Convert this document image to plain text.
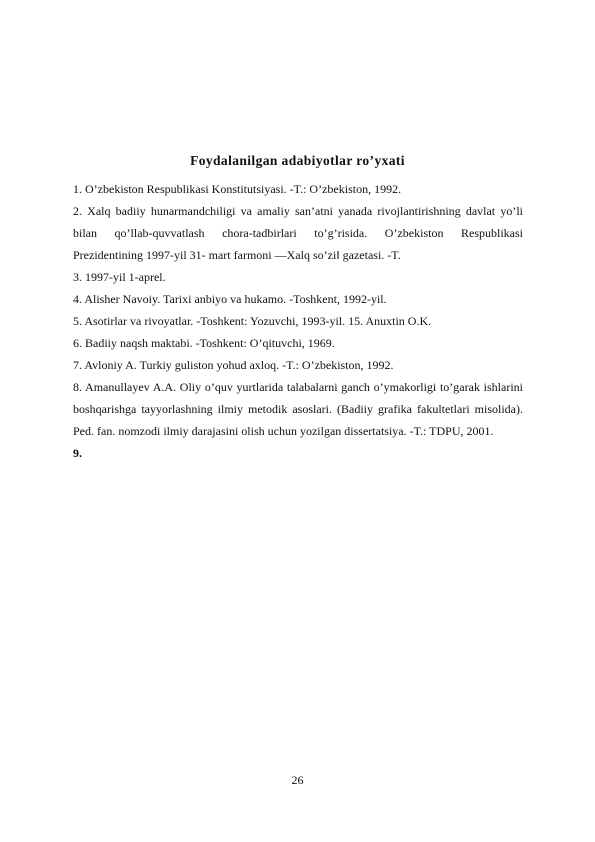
Foydalanilgan adabiyotlar ro’yxati

1. O’zbekiston Respublikasi Konstitutsiyasi. -T.: O’zbekiston, 1992.

2. Xalq badiiy hunarmandchiligi va amaliy san’atni yanada rivojlantirishning davlat yo’li bilan qo’llab-quvvatlash chora-tadbirlari to’g’risida. O’zbekiston Respublikasi Prezidentining 1997-yil 31- mart farmoni ―Xalq so’zi‖ gazetasi. -T.

3. 1997-yil 1-aprel.

4. Alisher Navoiy. Tarixi anbiyo va hukamo. -Toshkent, 1992-yil.

5. Asotirlar va rivoyatlar. -Toshkent: Yozuvchi, 1993-yil. 15. Anuxtin O.K.

6. Badiiy naqsh maktabi. -Toshkent: O’qituvchi, 1969.

7. Avloniy A. Turkiy guliston yohud axloq. -T.: O’zbekiston, 1992.

8. Amanullayev A.A. Oliy o’quv yurtlarida talabalarni ganch o’ymakorligi to’garak ishlarini boshqarishga tayyorlashning ilmiy metodik asoslari. (Badiiy grafika fakultetlari misolida). Ped. fan. nomzodi ilmiy darajasini olish uchun yozilgan dissertatsiya. -T.: TDPU, 2001.

9.

26
